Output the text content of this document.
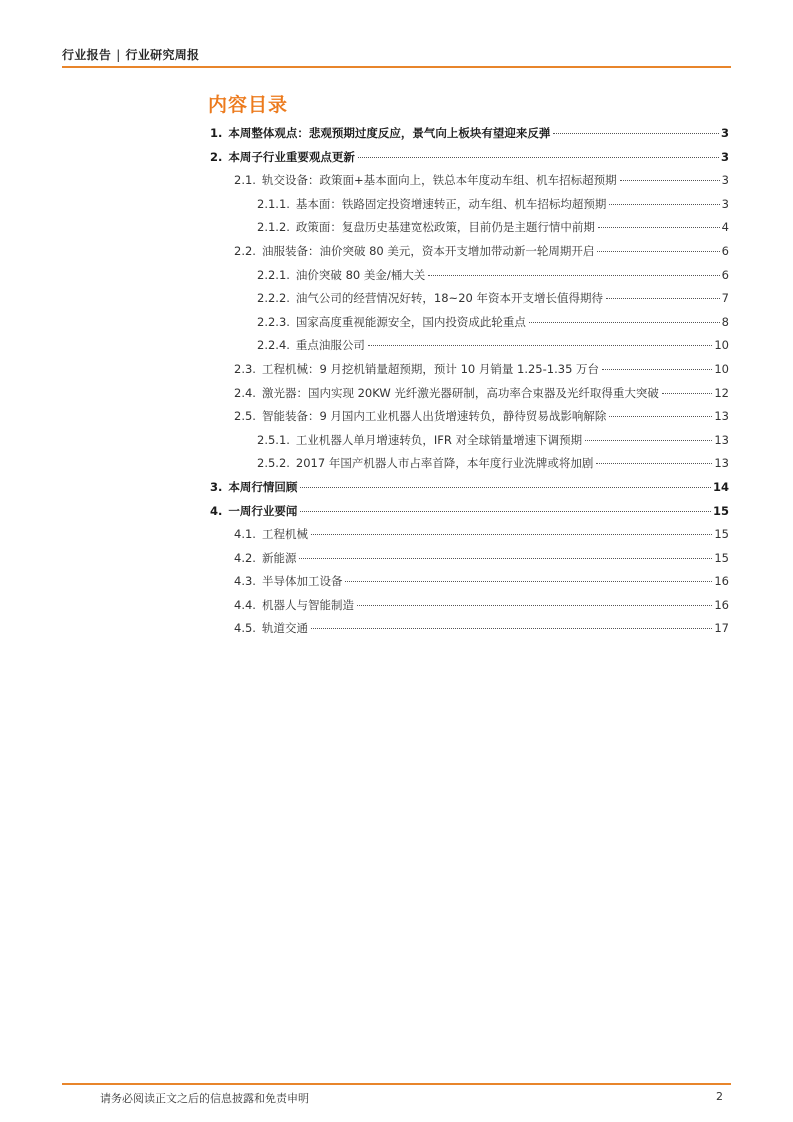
行业报告 | 行业研究周报
内容目录
1. 本周整体观点：悲观预期过度反应，景气向上板块有望迎来反弹	3
2. 本周子行业重要观点更新	3
2.1. 轨交设备：政策面+基本面向上，铁总本年度动车组、机车招标超预期	3
2.1.1. 基本面：铁路固定投资增速转正，动车组、机车招标均超预期	3
2.1.2. 政策面：复盘历史基建宽松政策，目前仍是主题行情中前期	4
2.2. 油服装备：油价突破 80 美元，资本开支增加带动新一轮周期开启	6
2.2.1. 油价突破 80 美金/桶大关	6
2.2.2. 油气公司的经营情况好转，18~20 年资本开支增长值得期待	7
2.2.3. 国家高度重视能源安全，国内投资成此轮重点	8
2.2.4. 重点油服公司	10
2.3. 工程机械：9 月挖机销量超预期，预计 10 月销量 1.25-1.35 万台	10
2.4. 激光器：国内实现 20KW 光纤激光器研制，高功率合束器及光纤取得重大突破	12
2.5. 智能装备：9 月国内工业机器人出货增速转负，静待贸易战影响解除	13
2.5.1. 工业机器人单月增速转负，IFR 对全球销量增速下调预期	13
2.5.2. 2017 年国产机器人市占率首降，本年度行业洗牌或将加剧	13
3. 本周行情回顾	14
4. 一周行业要闻	15
4.1. 工程机械	15
4.2. 新能源	15
4.3. 半导体加工设备	16
4.4. 机器人与智能制造	16
4.5. 轨道交通	17
请务必阅读正文之后的信息披露和免责申明	2
